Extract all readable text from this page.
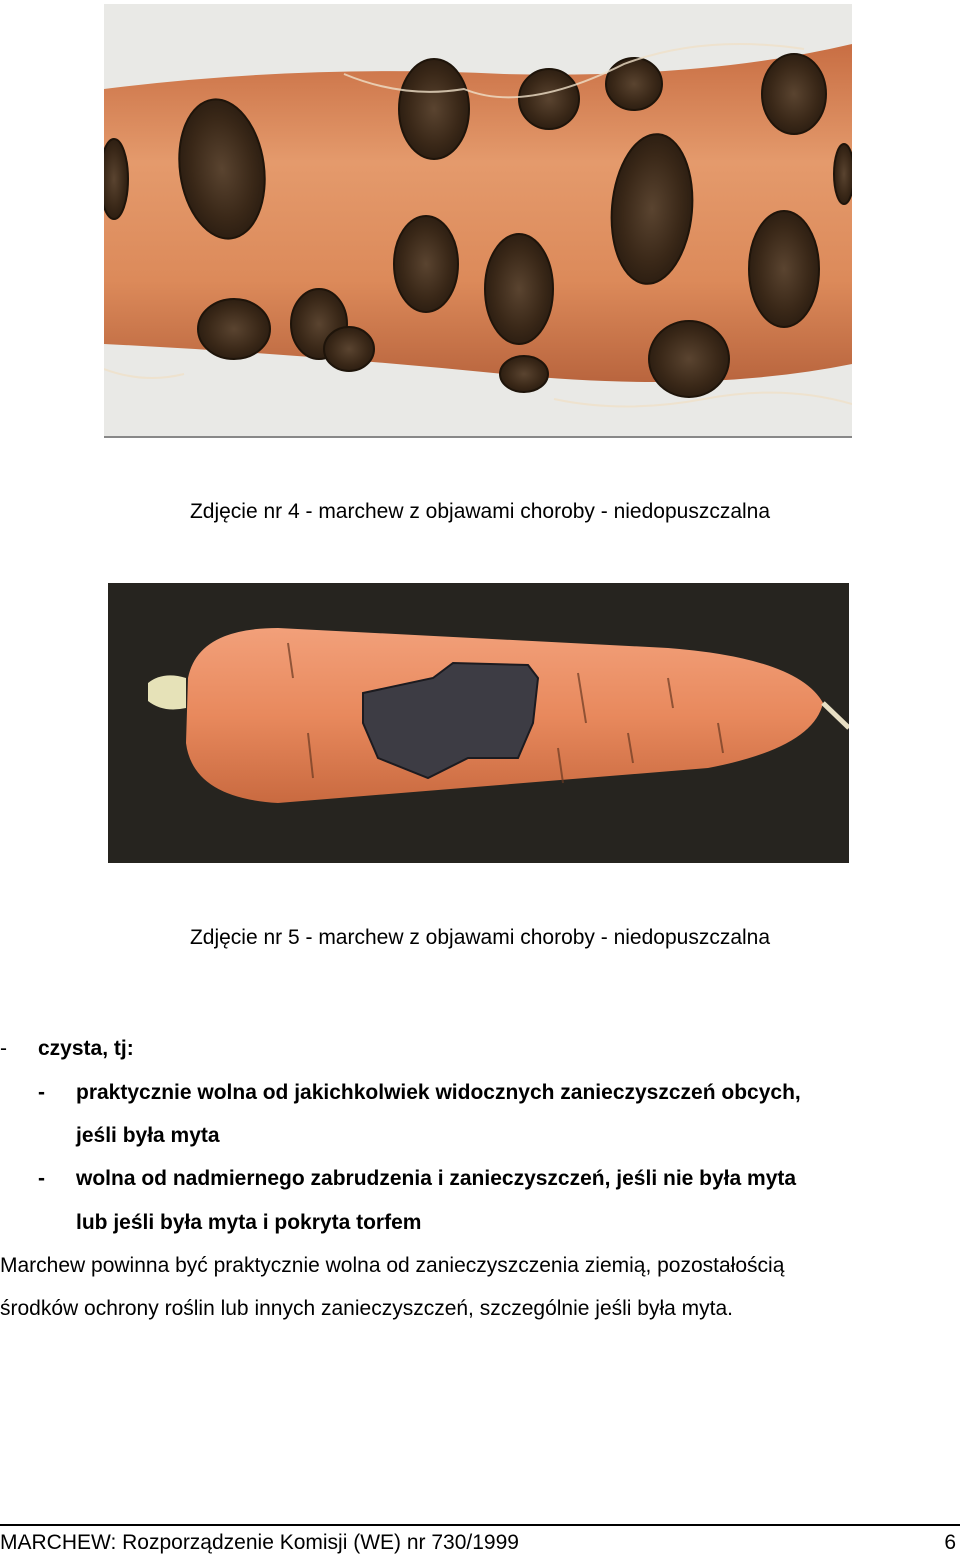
Zdjęcie nr 4 - marchew z objawami choroby - niedopuszczalna

Zdjęcie nr 5 - marchew z objawami choroby - niedopuszczalna

- czysta, tj:
- praktycznie wolna od jakichkolwiek widocznych zanieczyszczeń obcych,
jeśli była myta
- wolna od nadmiernego zabrudzenia i zanieczyszczeń, jeśli nie była myta
lub jeśli była myta i pokryta torfem
Marchew powinna być praktycznie wolna od zanieczyszczenia ziemią, pozostałością
środków ochrony roślin lub innych zanieczyszczeń, szczególnie jeśli była myta.
MARCHEW: Rozporządzenie Komisji (WE) nr 730/1999	6
